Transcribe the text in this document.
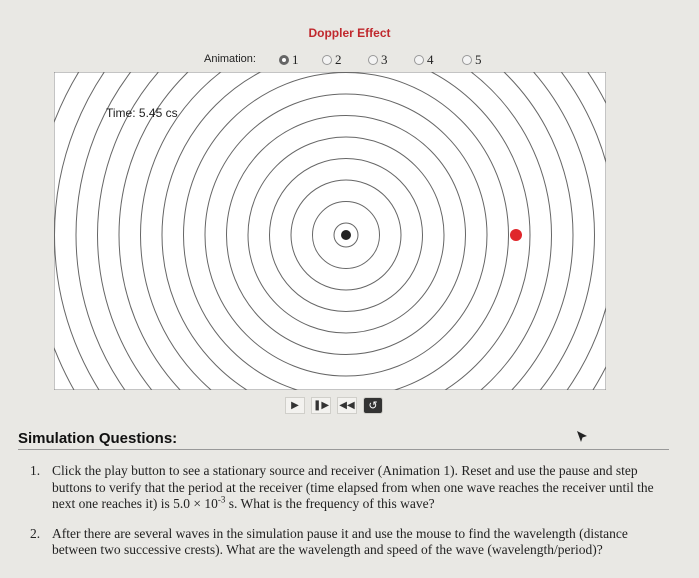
Doppler Effect
Animation:	1	2	3	4	5
Time: 5.45 cs
▶ ❚▶ ◀◀ ↺
Simulation Questions:
1. Click the play button to see a stationary source and receiver (Animation 1). Reset and use the pause and step buttons to verify that the period at the receiver (time elapsed from when one wave reaches the receiver until the next one reaches it) is $5.0 \times 10^{-3}$ s. What is the frequency of this wave?
2. After there are several waves in the simulation pause it and use the mouse to find the wavelength (distance between two successive crests). What are the wavelength and speed of the wave (wavelength/period)?
